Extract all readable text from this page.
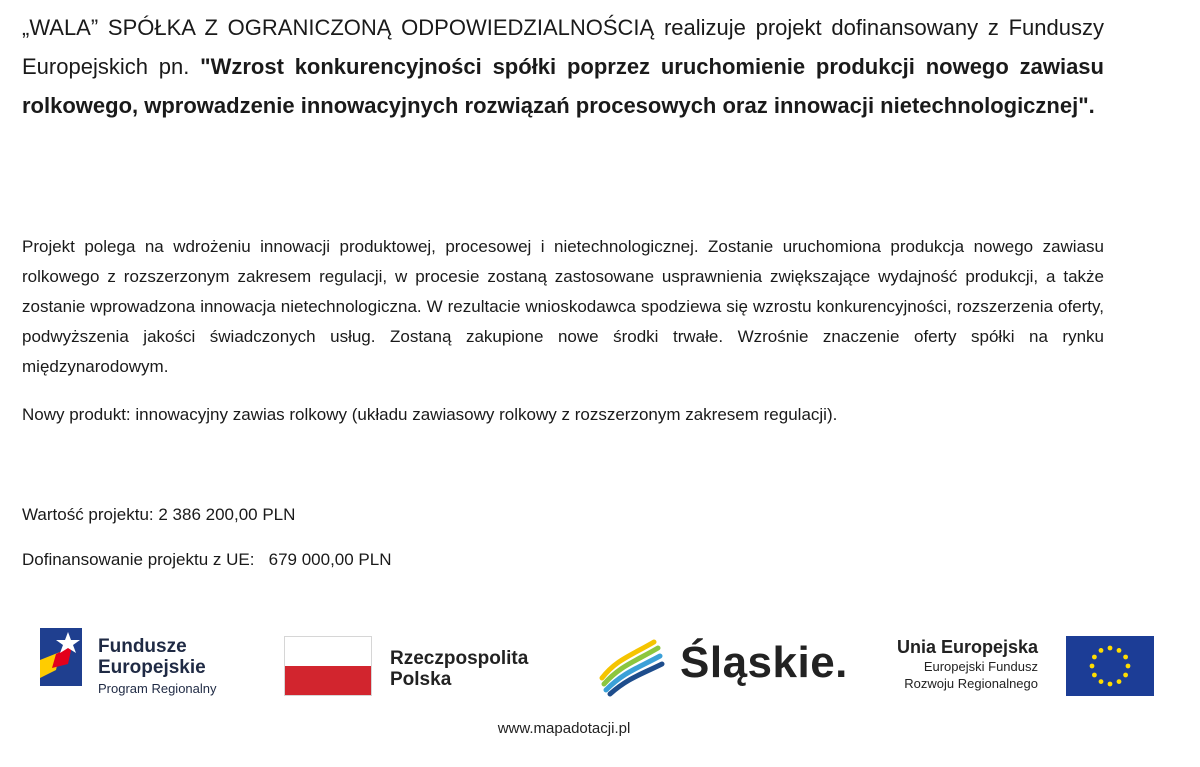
„WALA” SPÓŁKA Z OGRANICZONĄ ODPOWIEDZIALNOŚCIĄ realizuje projekt dofinansowany z Funduszy Europejskich pn. "Wzrost konkurencyjności spółki poprzez uruchomienie produkcji nowego zawiasu rolkowego, wprowadzenie innowacyjnych rozwiązań procesowych oraz innowacji nietechnologicznej".

Projekt polega na wdrożeniu innowacji produktowej, procesowej i nietechnologicznej. Zostanie uruchomiona produkcja nowego zawiasu rolkowego z rozszerzonym zakresem regulacji, w procesie zostaną zastosowane usprawnienia zwiększające wydajność produkcji, a także zostanie wprowadzona innowacja nietechnologiczna. W rezultacie wnioskodawca spodziewa się wzrostu konkurencyjności, rozszerzenia oferty, podwyższenia jakości świadczonych usług. Zostaną zakupione nowe środki trwałe. Wzrośnie znaczenie oferty spółki na rynku międzynarodowym.

Nowy produkt: innowacyjny zawias rolkowy (układu zawiasowy rolkowy z rozszerzonym zakresem regulacji).

Wartość projektu: 2 386 200,00 PLN

Dofinansowanie projektu z UE:   679 000,00 PLN

Fundusze
Europejskie
Program Regionalny
Rzeczpospolita
Polska	Śląskie.	Unia Europejska
Europejski Fundusz
Rozwoju Regionalnego
www.mapadotacji.pl
